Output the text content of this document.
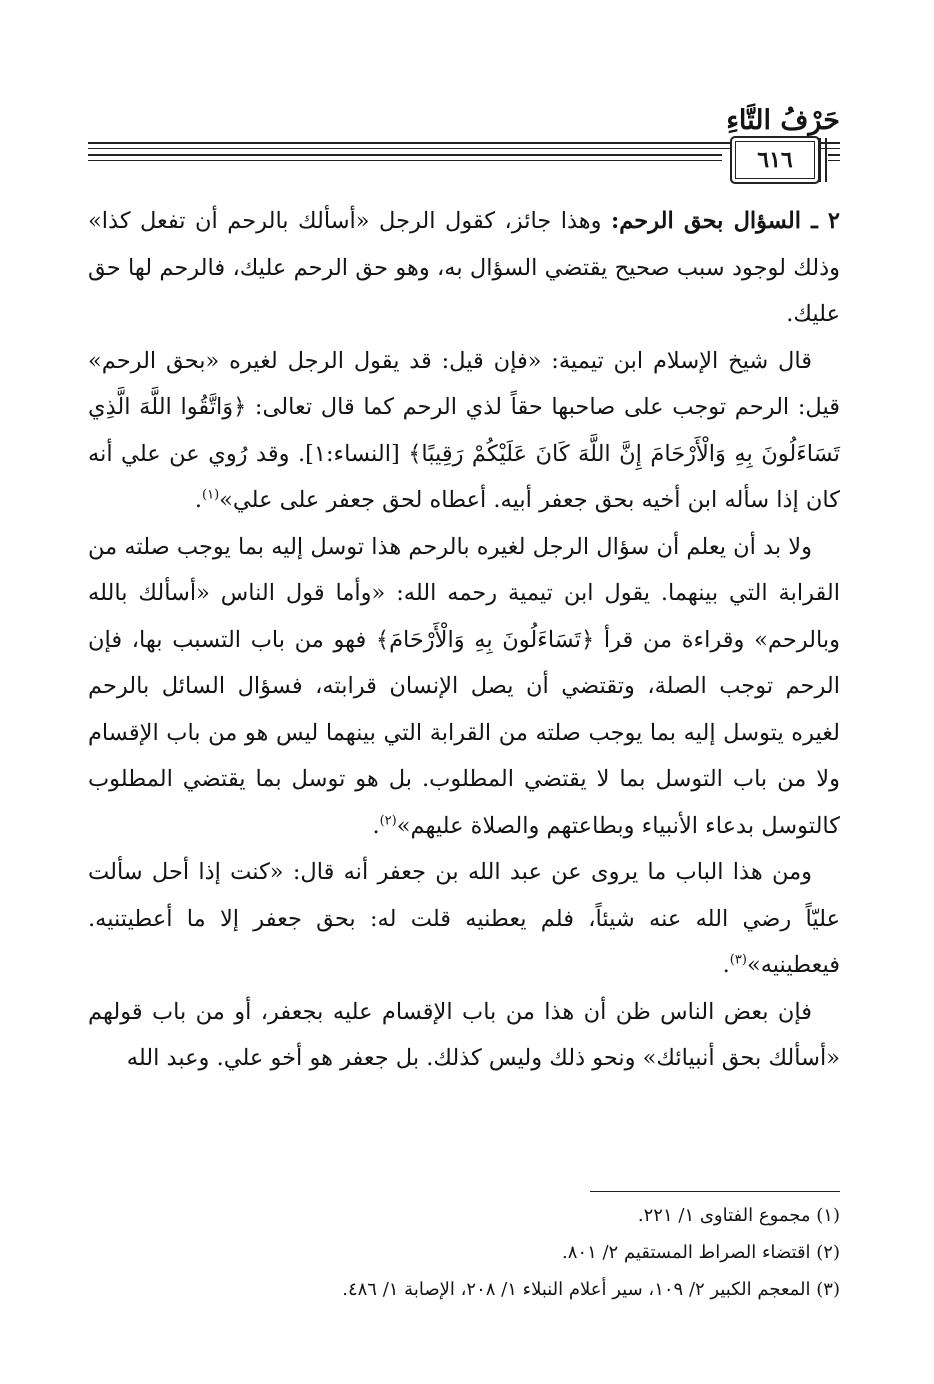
حَرْفُ التَّاءِ
٦١٦

٢ ـ السؤال بحق الرحم: وهذا جائز، كقول الرجل «أسألك بالرحم أن تفعل كذا» وذلك لوجود سبب صحيح يقتضي السؤال به، وهو حق الرحم عليك، فالرحم لها حق عليك.

قال شيخ الإسلام ابن تيمية: «فإن قيل: قد يقول الرجل لغيره «بحق الرحم» قيل: الرحم توجب على صاحبها حقاً لذي الرحم كما قال تعالى: ﴿وَاتَّقُوا اللَّهَ الَّذِي تَسَاءَلُونَ بِهِ وَالْأَرْحَامَ إِنَّ اللَّهَ كَانَ عَلَيْكُمْ رَقِيبًا﴾ [النساء:١]. وقد رُوي عن علي أنه كان إذا سأله ابن أخيه بحق جعفر أبيه. أعطاه لحق جعفر على علي»$^{(١)}$.

ولا بد أن يعلم أن سؤال الرجل لغيره بالرحم هذا توسل إليه بما يوجب صلته من القرابة التي بينهما. يقول ابن تيمية رحمه الله: «وأما قول الناس «أسألك بالله وبالرحم» وقراءة من قرأ ﴿تَسَاءَلُونَ بِهِ وَالْأَرْحَامَ﴾ فهو من باب التسبب بها، فإن الرحم توجب الصلة، وتقتضي أن يصل الإنسان قرابته، فسؤال السائل بالرحم لغيره يتوسل إليه بما يوجب صلته من القرابة التي بينهما ليس هو من باب الإقسام ولا من باب التوسل بما لا يقتضي المطلوب. بل هو توسل بما يقتضي المطلوب كالتوسل بدعاء الأنبياء وبطاعتهم والصلاة عليهم»$^{(٢)}$.

ومن هذا الباب ما يروى عن عبد الله بن جعفر أنه قال: «كنت إذا أحل سألت عليّاً رضي الله عنه شيئاً، فلم يعطنيه قلت له: بحق جعفر إلا ما أعطيتنيه. فيعطينيه»$^{(٣)}$.

فإن بعض الناس ظن أن هذا من باب الإقسام عليه بجعفر، أو من باب قولهم «أسألك بحق أنبيائك» ونحو ذلك وليس كذلك. بل جعفر هو أخو علي. وعبد الله

(١) مجموع الفتاوى ١/ ٢٢١.
(٢) اقتضاء الصراط المستقيم ٢/ ٨٠١.
(٣) المعجم الكبير ٢/ ١٠٩، سير أعلام النبلاء ١/ ٢٠٨، الإصابة ١/ ٤٨٦.
